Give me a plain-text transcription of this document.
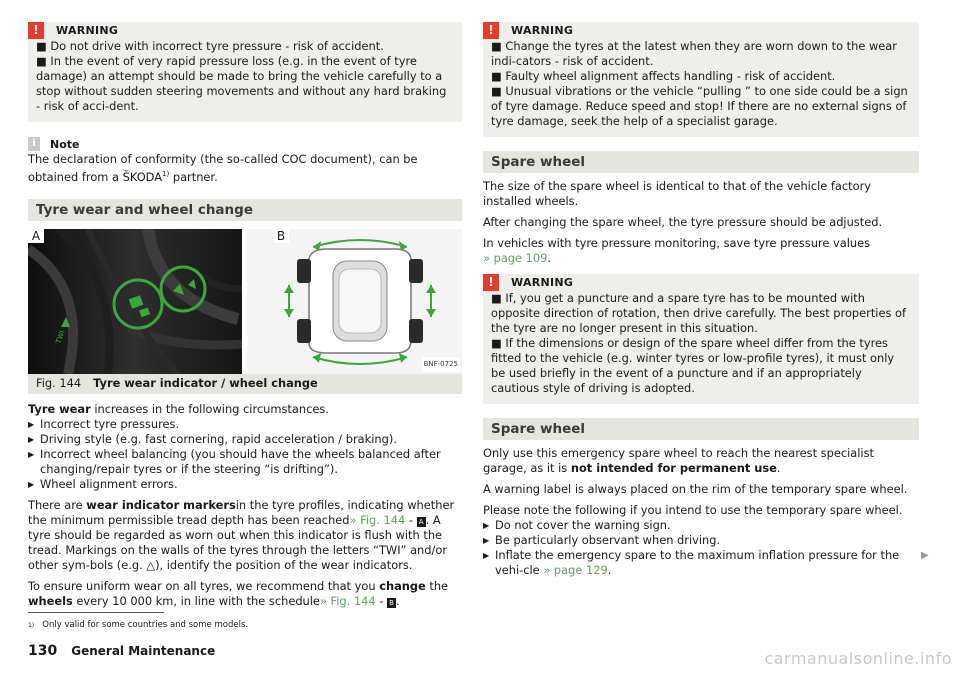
!	WARNING
■ Do not drive with incorrect tyre pressure - risk of accident.
■ In the event of very rapid pressure loss (e.g. in the event of tyre damage) an attempt should be made to bring the vehicle carefully to a stop without sudden steering movements and without any hard braking - risk of acci-dent.
i	Note

The declaration of conformity (the so-called COC document), can be obtained from a ŠKODA$^{1)}$ partner.

Tyre wear and wheel change
TWI
A	B
BNF-0725
Fig. 144 Tyre wear indicator / wheel change

Tyre wear increases in the following circumstances.

▶ Incorrect tyre pressures.
▶ Driving style (e.g. fast cornering, rapid acceleration / braking).
▶ Incorrect wheel balancing (you should have the wheels balanced after changing/repair tyres or if the steering “is drifting”).
▶ Wheel alignment errors.

There are wear indicator markersin the tyre profiles, indicating whether the minimum permissible tread depth has been reached» Fig. 144 - A . A tyre should be regarded as worn out when this indicator is flush with the tread. Markings on the walls of the tyres through the letters “TWI” and/or other sym-bols (e.g. △), identify the position of the wear indicators.

To ensure uniform wear on all tyres, we recommend that you change the wheels every 10 000 km, in line with the schedule» Fig. 144 - B .

!	WARNING
■ Change the tyres at the latest when they are worn down to the wear indi-cators - risk of accident.
■ Faulty wheel alignment affects handling - risk of accident.
■ Unusual vibrations or the vehicle “pulling ” to one side could be a sign of tyre damage. Reduce speed and stop! If there are no external signs of tyre damage, seek the help of a specialist garage.
Spare wheel

The size of the spare wheel is identical to that of the vehicle factory installed wheels.

After changing the spare wheel, the tyre pressure should be adjusted.

In vehicles with tyre pressure monitoring, save tyre pressure values
» page 109.

!	WARNING
■ If, you get a puncture and a spare tyre has to be mounted with opposite direction of rotation, then drive carefully. The best properties of the tyre are no longer present in this situation.
■ If the dimensions or design of the spare wheel differ from the tyres fitted to the vehicle (e.g. winter tyres or low-profile tyres), it must only be used briefly in the event of a puncture and if an appropriately cautious style of driving is adopted.
Spare wheel

Only use this emergency spare wheel to reach the nearest specialist garage, as it is not intended for permanent use.

A warning label is always placed on the rim of the temporary spare wheel.

Please note the following if you intend to use the temporary spare wheel.

▶ Do not cover the warning sign.
▶ Be particularly observant when driving.
▶ Inflate the emergency spare to the maximum inflation pressure for the vehi-cle » page 129.
▶
$^{1)}$ Only valid for some countries and some models.
130 General Maintenance	carmanualsonline.info
